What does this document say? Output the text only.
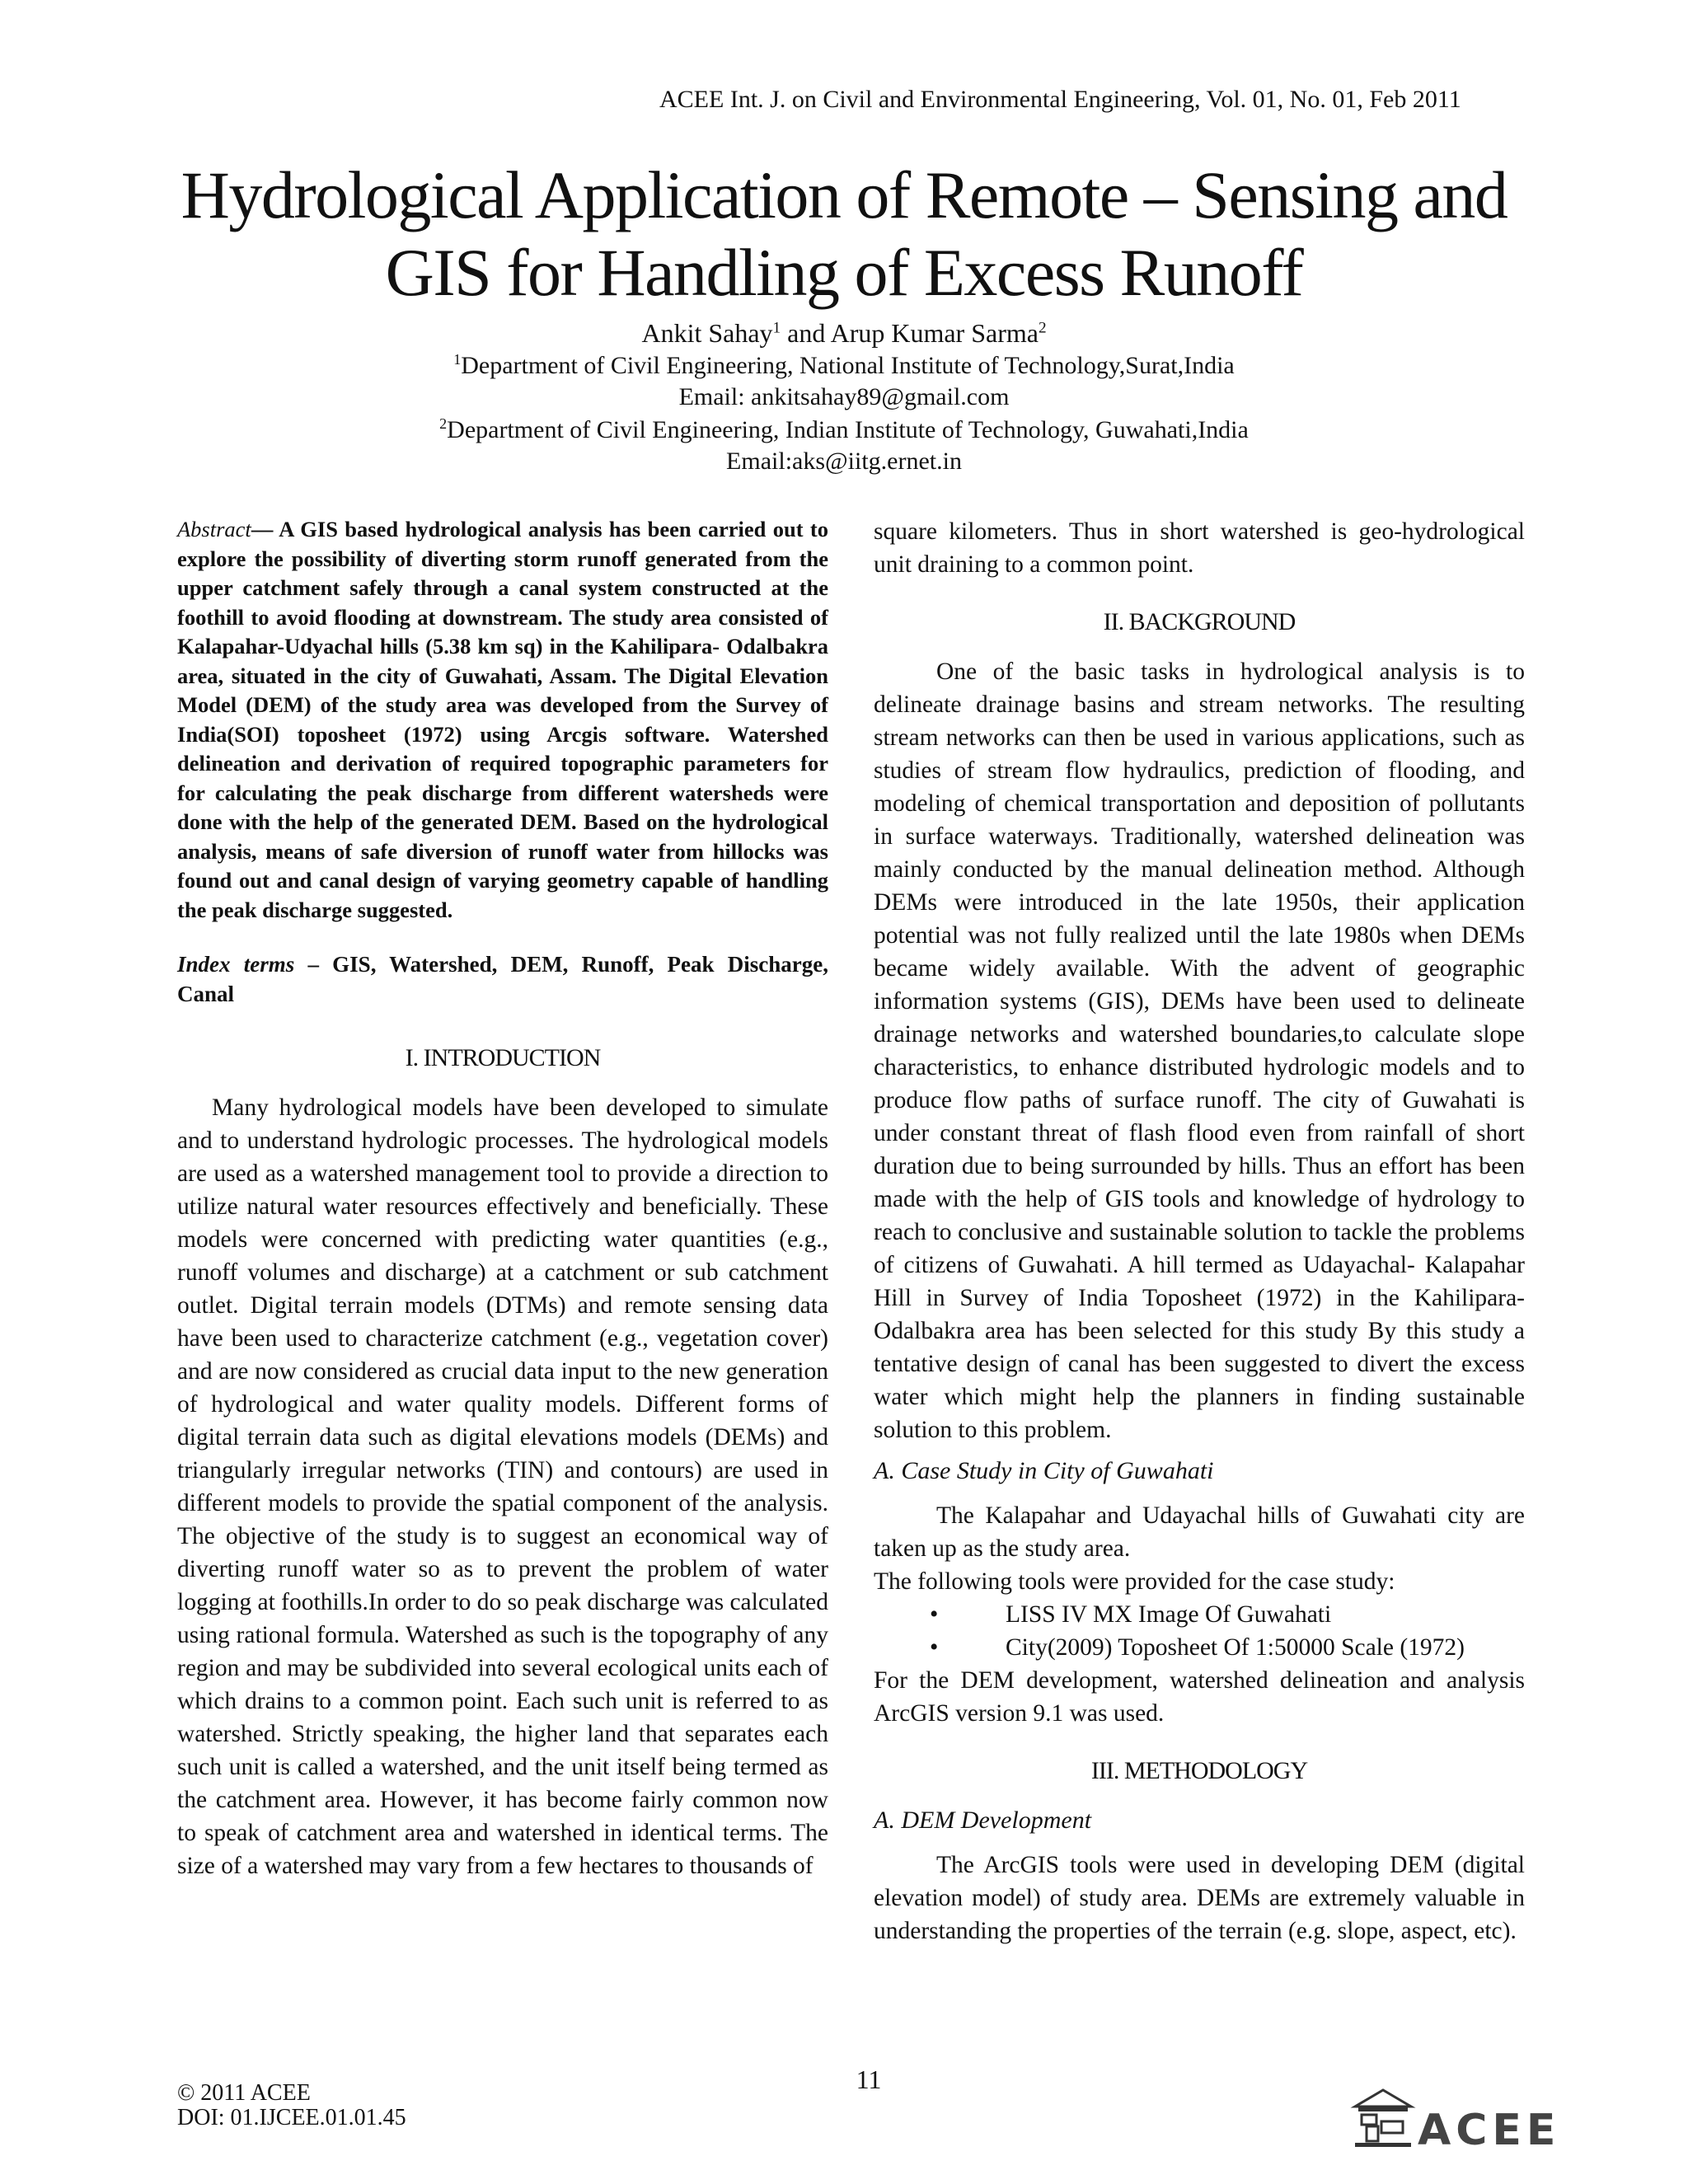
ACEE Int. J. on Civil and Environmental Engineering, Vol. 01, No. 01, Feb 2011
Hydrological Application of Remote – Sensing and
GIS for Handling of Excess Runoff
Ankit Sahay$^1$ and Arup Kumar Sarma$^2$
$^1$Department of Civil Engineering, National Institute of Technology,Surat,India
Email: ankitsahay89@gmail.com
$^2$Department of Civil Engineering, Indian Institute of Technology, Guwahati,India
Email:aks@iitg.ernet.in

Abstract— A GIS based hydrological analysis has been carried out to explore the possibility of diverting storm runoff generated from the upper catchment safely through a canal system constructed at the foothill to avoid flooding at downstream. The study area consisted of Kalapahar-Udyachal hills (5.38 km sq) in the Kahilipara- Odalbakra area, situated in the city of Guwahati, Assam. The Digital Elevation Model (DEM) of the study area was developed from the Survey of India(SOI) toposheet (1972) using Arcgis software. Watershed delineation and derivation of required topographic parameters for for calculating the peak discharge from different watersheds were done with the help of the generated DEM. Based on the hydrological analysis, means of safe diversion of runoff water from hillocks was found out and canal design of varying geometry capable of handling the peak discharge suggested.

Index terms – GIS, Watershed, DEM, Runoff, Peak Discharge, Canal

I. INTRODUCTION

Many hydrological models have been developed to simulate and to understand hydrologic processes. The hydrological models are used as a watershed management tool to provide a direction to utilize natural water resources effectively and beneficially. These models were concerned with predicting water quantities (e.g., runoff volumes and discharge) at a catchment or sub catchment outlet. Digital terrain models (DTMs) and remote sensing data have been used to characterize catchment (e.g., vegetation cover) and are now considered as crucial data input to the new generation of hydrological and water quality models. Different forms of digital terrain data such as digital elevations models (DEMs) and triangularly irregular networks (TIN) and contours) are used in different models to provide the spatial component of the analysis. The objective of the study is to suggest an economical way of diverting runoff water so as to prevent the problem of water logging at foothills.In order to do so peak discharge was calculated using rational formula. Watershed as such is the topography of any region and may be subdivided into several ecological units each of which drains to a common point. Each such unit is referred to as watershed. Strictly speaking, the higher land that separates each such unit is called a watershed, and the unit itself being termed as the catchment area. However, it has become fairly common now to speak of catchment area and watershed in identical terms. The size of a watershed may vary from a few hectares to thousands of

square kilometers. Thus in short watershed is geo-hydrological unit draining to a common point.

II. BACKGROUND

One of the basic tasks in hydrological analysis is to delineate drainage basins and stream networks. The resulting stream networks can then be used in various applications, such as studies of stream flow hydraulics, prediction of flooding, and modeling of chemical transportation and deposition of pollutants in surface waterways. Traditionally, watershed delineation was mainly conducted by the manual delineation method. Although DEMs were introduced in the late 1950s, their application potential was not fully realized until the late 1980s when DEMs became widely available. With the advent of geographic information systems (GIS), DEMs have been used to delineate drainage networks and watershed boundaries,to calculate slope characteristics, to enhance distributed hydrologic models and to produce flow paths of surface runoff. The city of Guwahati is under constant threat of flash flood even from rainfall of short duration due to being surrounded by hills. Thus an effort has been made with the help of GIS tools and knowledge of hydrology to reach to conclusive and sustainable solution to tackle the problems of citizens of Guwahati. A hill termed as Udayachal- Kalapahar Hill in Survey of India Toposheet (1972) in the Kahilipara-Odalbakra area has been selected for this study By this study a tentative design of canal has been suggested to divert the excess water which might help the planners in finding sustainable solution to this problem.

A. Case Study in City of Guwahati

The Kalapahar and Udayachal hills of Guwahati city are taken up as the study area.

The following tools were provided for the case study:

• LISS IV MX Image Of Guwahati
• City(2009) Toposheet Of 1:50000 Scale (1972)

For the DEM development, watershed delineation and analysis ArcGIS version 9.1 was used.

III. METHODOLOGY
A. DEM Development

The ArcGIS tools were used in developing DEM (digital elevation model) of study area. DEMs are extremely valuable in understanding the properties of the terrain (e.g. slope, aspect, etc).

11
© 2011 ACEE
DOI: 01.IJCEE.01.01.45	ACEE
